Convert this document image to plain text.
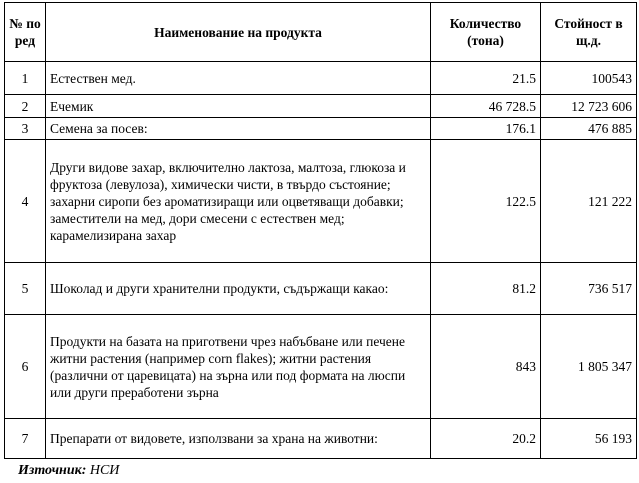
№ по ред	Наименование на продукта	Количество (тона)	Стойност в щ.д.
1	Естествен мед.	21.5	100543
2	Ечемик	46 728.5	12 723 606
3	Семена за посев:	176.1	476 885
4	Други видове захар, включително лактоза, малтоза, глюкоза и фруктоза (левулоза), химически чисти, в твърдо състояние; захарни сиропи без ароматизиращи или оцветяващи добавки; заместители на мед, дори смесени с естествен мед; карамелизирана захар	122.5	121 222
5	Шоколад и други хранителни продукти, съдържащи какао:	81.2	736 517
6	Продукти на базата на приготвени чрез набъбване или печене житни растения (например corn flakes); житни растения (различни от царевицата) на зърна или под формата на люспи или други преработени зърна	843	1 805 347
7	Препарати от видовете, използвани за храна на животни:	20.2	56 193
Източник: НСИ
